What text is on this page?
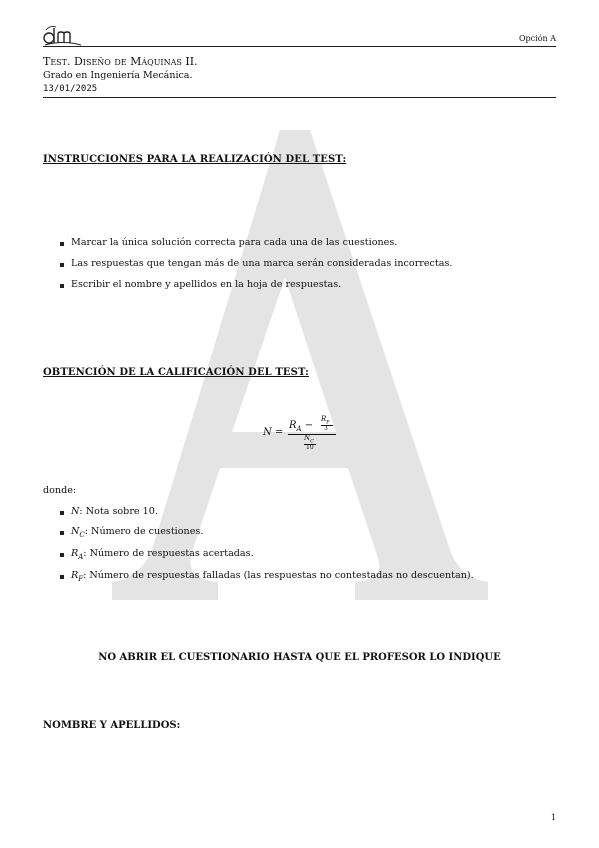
Opción A
Test. Diseño de Máquinas II.
Grado en Ingeniería Mecánica.
13/01/2025
INSTRUCCIONES PARA LA REALIZACIÓN DEL TEST:
Marcar la única solución correcta para cada una de las cuestiones.
Las respuestas que tengan más de una marca serán consideradas incorrectas.
Escribir el nombre y apellidos en la hoja de respuestas.
OBTENCIÓN DE LA CALIFICACIÓN DEL TEST:
N =
$R_A$ −
$R_F$
3
$N_C$
10
donde:
N: Nota sobre 10.
$N_C$: Número de cuestiones.
$R_A$: Número de respuestas acertadas.
$R_F$: Número de respuestas falladas (las respuestas no contestadas no descuentan).
NO ABRIR EL CUESTIONARIO HASTA QUE EL PROFESOR LO INDIQUE
NOMBRE Y APELLIDOS:
1
